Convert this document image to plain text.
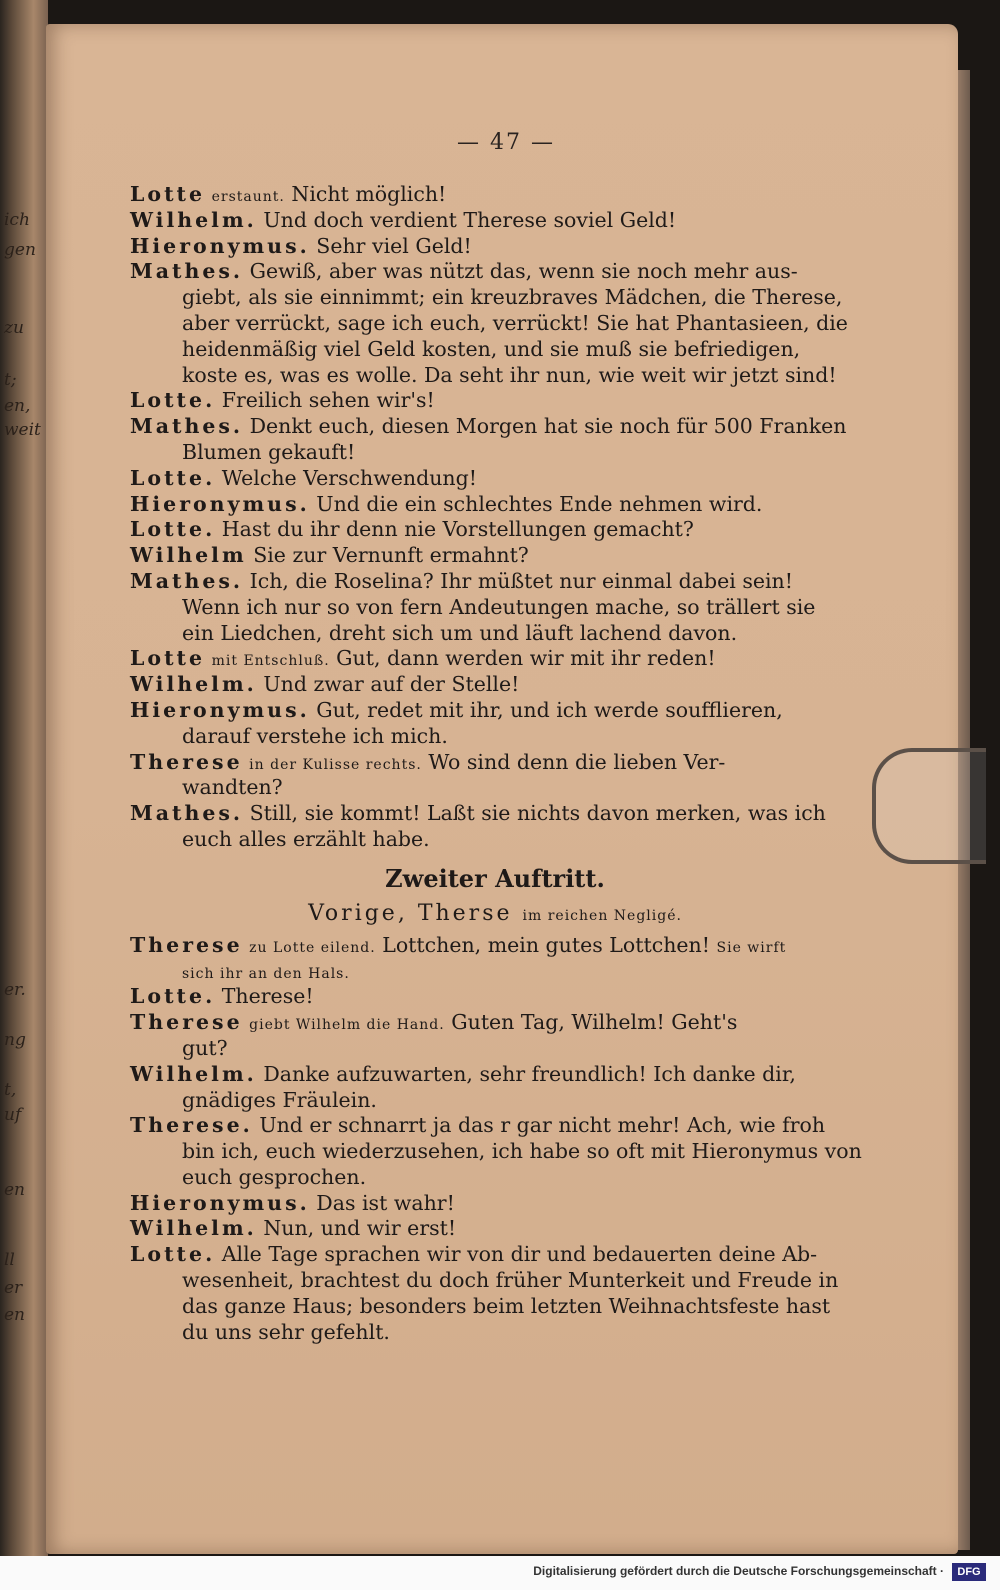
ich
gen
zu
t;
en,
weit
er.
ng
t,
uf
en
ll
er
en
— 47 —
Lotte erstaunt. Nicht möglich!
Wilhelm. Und doch verdient Therese soviel Geld!
Hieronymus. Sehr viel Geld!
Mathes. Gewiß, aber was nützt das, wenn sie noch mehr aus-
giebt, als sie einnimmt; ein kreuzbraves Mädchen, die Therese,
aber verrückt, sage ich euch, verrückt! Sie hat Phantasieen, die
heidenmäßig viel Geld kosten, und sie muß sie befriedigen,
koste es, was es wolle. Da seht ihr nun, wie weit wir jetzt sind!
Lotte. Freilich sehen wir's!
Mathes. Denkt euch, diesen Morgen hat sie noch für 500 Franken
Blumen gekauft!
Lotte. Welche Verschwendung!
Hieronymus. Und die ein schlechtes Ende nehmen wird.
Lotte. Hast du ihr denn nie Vorstellungen gemacht?
Wilhelm Sie zur Vernunft ermahnt?
Mathes. Ich, die Roselina? Ihr müßtet nur einmal dabei sein!
Wenn ich nur so von fern Andeutungen mache, so trällert sie
ein Liedchen, dreht sich um und läuft lachend davon.
Lotte mit Entschluß. Gut, dann werden wir mit ihr reden!
Wilhelm. Und zwar auf der Stelle!
Hieronymus. Gut, redet mit ihr, und ich werde soufflieren,
darauf verstehe ich mich.
Therese in der Kulisse rechts. Wo sind denn die lieben Ver-
wandten?
Mathes. Still, sie kommt! Laßt sie nichts davon merken, was ich
euch alles erzählt habe.
Zweiter Auftritt.
Vorige, Therse im reichen Negligé.
Therese zu Lotte eilend. Lottchen, mein gutes Lottchen! Sie wirft
sich ihr an den Hals.
Lotte. Therese!
Therese giebt Wilhelm die Hand. Guten Tag, Wilhelm! Geht's
gut?
Wilhelm. Danke aufzuwarten, sehr freundlich! Ich danke dir,
gnädiges Fräulein.
Therese. Und er schnarrt ja das r gar nicht mehr! Ach, wie froh
bin ich, euch wiederzusehen, ich habe so oft mit Hieronymus von
euch gesprochen.
Hieronymus. Das ist wahr!
Wilhelm. Nun, und wir erst!
Lotte. Alle Tage sprachen wir von dir und bedauerten deine Ab-
wesenheit, brachtest du doch früher Munterkeit und Freude in
das ganze Haus; besonders beim letzten Weihnachtsfeste hast
du uns sehr gefehlt.
Digitalisierung gefördert durch die Deutsche Forschungsgemeinschaft ·	DFG
